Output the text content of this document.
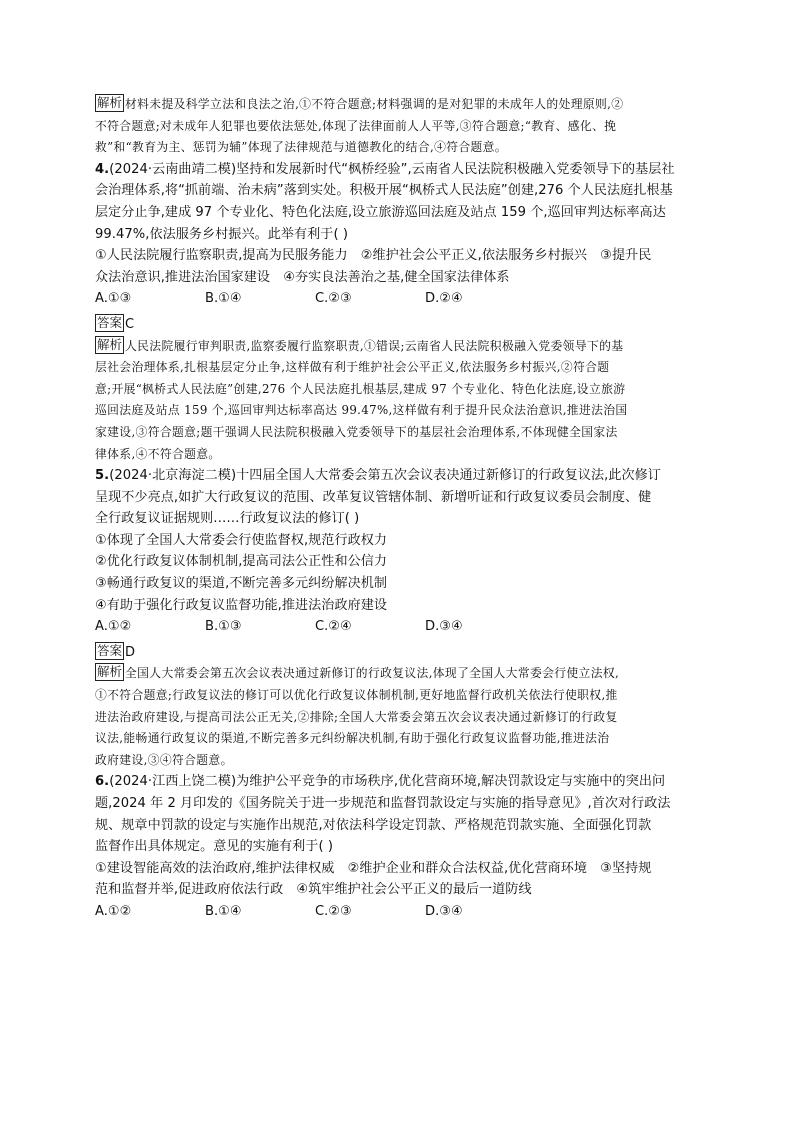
解析 材料未提及科学立法和良法之治,①不符合题意;材料强调的是对犯罪的未成年人的处理原则,②
不符合题意;对未成年人犯罪也要依法惩处,体现了法律面前人人平等,③符合题意;“教育、感化、挽
救”和“教育为主、惩罚为辅”体现了法律规范与道德教化的结合,④符合题意。
4.(2024·云南曲靖二模)坚持和发展新时代“枫桥经验”,云南省人民法院积极融入党委领导下的基层社
会治理体系,将“抓前端、治未病”落到实处。积极开展“枫桥式人民法庭”创建,276 个人民法庭扎根基
层定分止争,建成 97 个专业化、特色化法庭,设立旅游巡回法庭及站点 159 个,巡回审判达标率高达
99.47%,依法服务乡村振兴。此举有利于( )
①人民法院履行监察职责,提高为民服务能力　②维护社会公平正义,依法服务乡村振兴　③提升民
众法治意识,推进法治国家建设　④夯实良法善治之基,健全国家法律体系
A.①③	B.①④	C.②③	D.②④
答案 C
解析 人民法院履行审判职责,监察委履行监察职责,①错误;云南省人民法院积极融入党委领导下的基
层社会治理体系,扎根基层定分止争,这样做有利于维护社会公平正义,依法服务乡村振兴,②符合题
意;开展“枫桥式人民法庭”创建,276 个人民法庭扎根基层,建成 97 个专业化、特色化法庭,设立旅游
巡回法庭及站点 159 个,巡回审判达标率高达 99.47%,这样做有利于提升民众法治意识,推进法治国
家建设,③符合题意;题干强调人民法院积极融入党委领导下的基层社会治理体系,不体现健全国家法
律体系,④不符合题意。
5.(2024·北京海淀二模)十四届全国人大常委会第五次会议表决通过新修订的行政复议法,此次修订
呈现不少亮点,如扩大行政复议的范围、改革复议管辖体制、新增听证和行政复议委员会制度、健
全行政复议证据规则……行政复议法的修订( )
①体现了全国人大常委会行使监督权,规范行政权力
②优化行政复议体制机制,提高司法公正性和公信力
③畅通行政复议的渠道,不断完善多元纠纷解决机制
④有助于强化行政复议监督功能,推进法治政府建设
A.①②	B.①③	C.②④	D.③④
答案 D
解析 全国人大常委会第五次会议表决通过新修订的行政复议法,体现了全国人大常委会行使立法权,
①不符合题意;行政复议法的修订可以优化行政复议体制机制,更好地监督行政机关依法行使职权,推
进法治政府建设,与提高司法公正无关,②排除;全国人大常委会第五次会议表决通过新修订的行政复
议法,能畅通行政复议的渠道,不断完善多元纠纷解决机制,有助于强化行政复议监督功能,推进法治
政府建设,③④符合题意。
6.(2024·江西上饶二模)为维护公平竞争的市场秩序,优化营商环境,解决罚款设定与实施中的突出问
题,2024 年 2 月印发的《国务院关于进一步规范和监督罚款设定与实施的指导意见》,首次对行政法
规、规章中罚款的设定与实施作出规范,对依法科学设定罚款、严格规范罚款实施、全面强化罚款
监督作出具体规定。意见的实施有利于( )
①建设智能高效的法治政府,维护法律权威　②维护企业和群众合法权益,优化营商环境　③坚持规
范和监督并举,促进政府依法行政　④筑牢维护社会公平正义的最后一道防线
A.①②	B.①④	C.②③	D.③④
